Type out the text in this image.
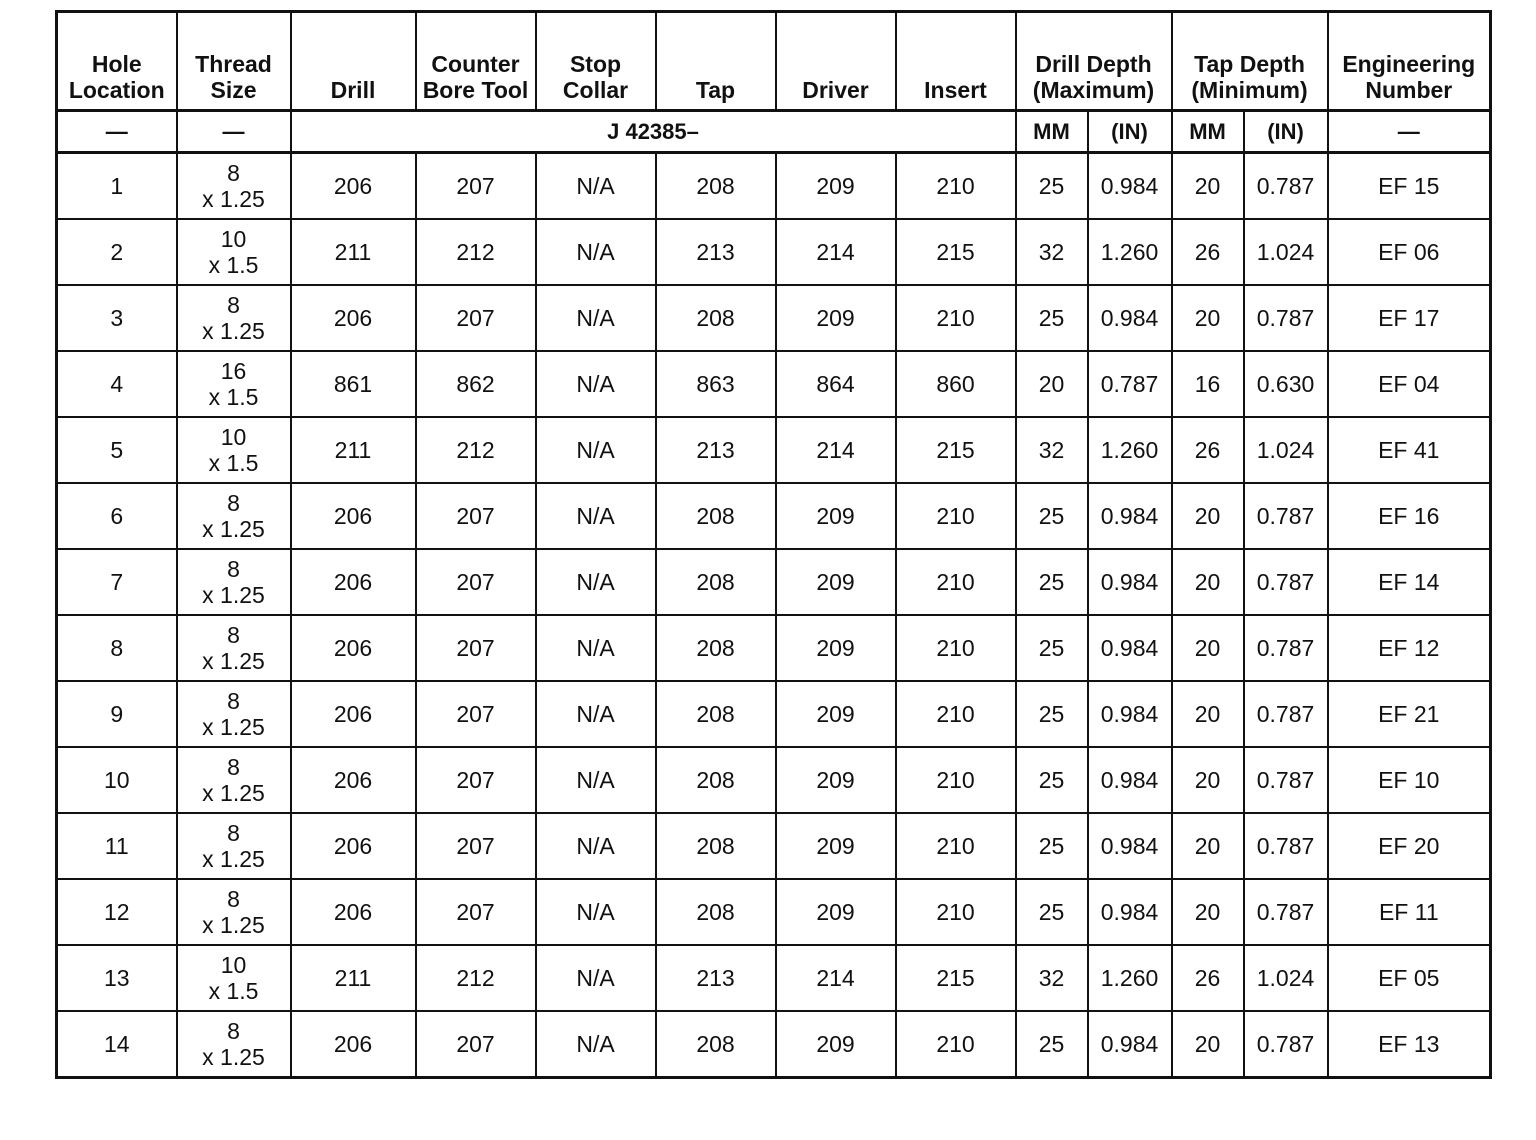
Hole Location	Thread Size	Drill	Counter Bore Tool	Stop Collar	Tap	Driver	Insert	Drill Depth (Maximum)		Tap Depth (Minimum)		Engineering Number
—	—	J 42385–						MM	(IN)	MM	(IN)	—
1	8
x 1.25	206	207	N/A	208	209	210	25	0.984	20	0.787	EF 15
2	10
x 1.5	211	212	N/A	213	214	215	32	1.260	26	1.024	EF 06
3	8
x 1.25	206	207	N/A	208	209	210	25	0.984	20	0.787	EF 17
4	16
x 1.5	861	862	N/A	863	864	860	20	0.787	16	0.630	EF 04
5	10
x 1.5	211	212	N/A	213	214	215	32	1.260	26	1.024	EF 41
6	8
x 1.25	206	207	N/A	208	209	210	25	0.984	20	0.787	EF 16
7	8
x 1.25	206	207	N/A	208	209	210	25	0.984	20	0.787	EF 14
8	8
x 1.25	206	207	N/A	208	209	210	25	0.984	20	0.787	EF 12
9	8
x 1.25	206	207	N/A	208	209	210	25	0.984	20	0.787	EF 21
10	8
x 1.25	206	207	N/A	208	209	210	25	0.984	20	0.787	EF 10
11	8
x 1.25	206	207	N/A	208	209	210	25	0.984	20	0.787	EF 20
12	8
x 1.25	206	207	N/A	208	209	210	25	0.984	20	0.787	EF 11
13	10
x 1.5	211	212	N/A	213	214	215	32	1.260	26	1.024	EF 05
14	8
x 1.25	206	207	N/A	208	209	210	25	0.984	20	0.787	EF 13
